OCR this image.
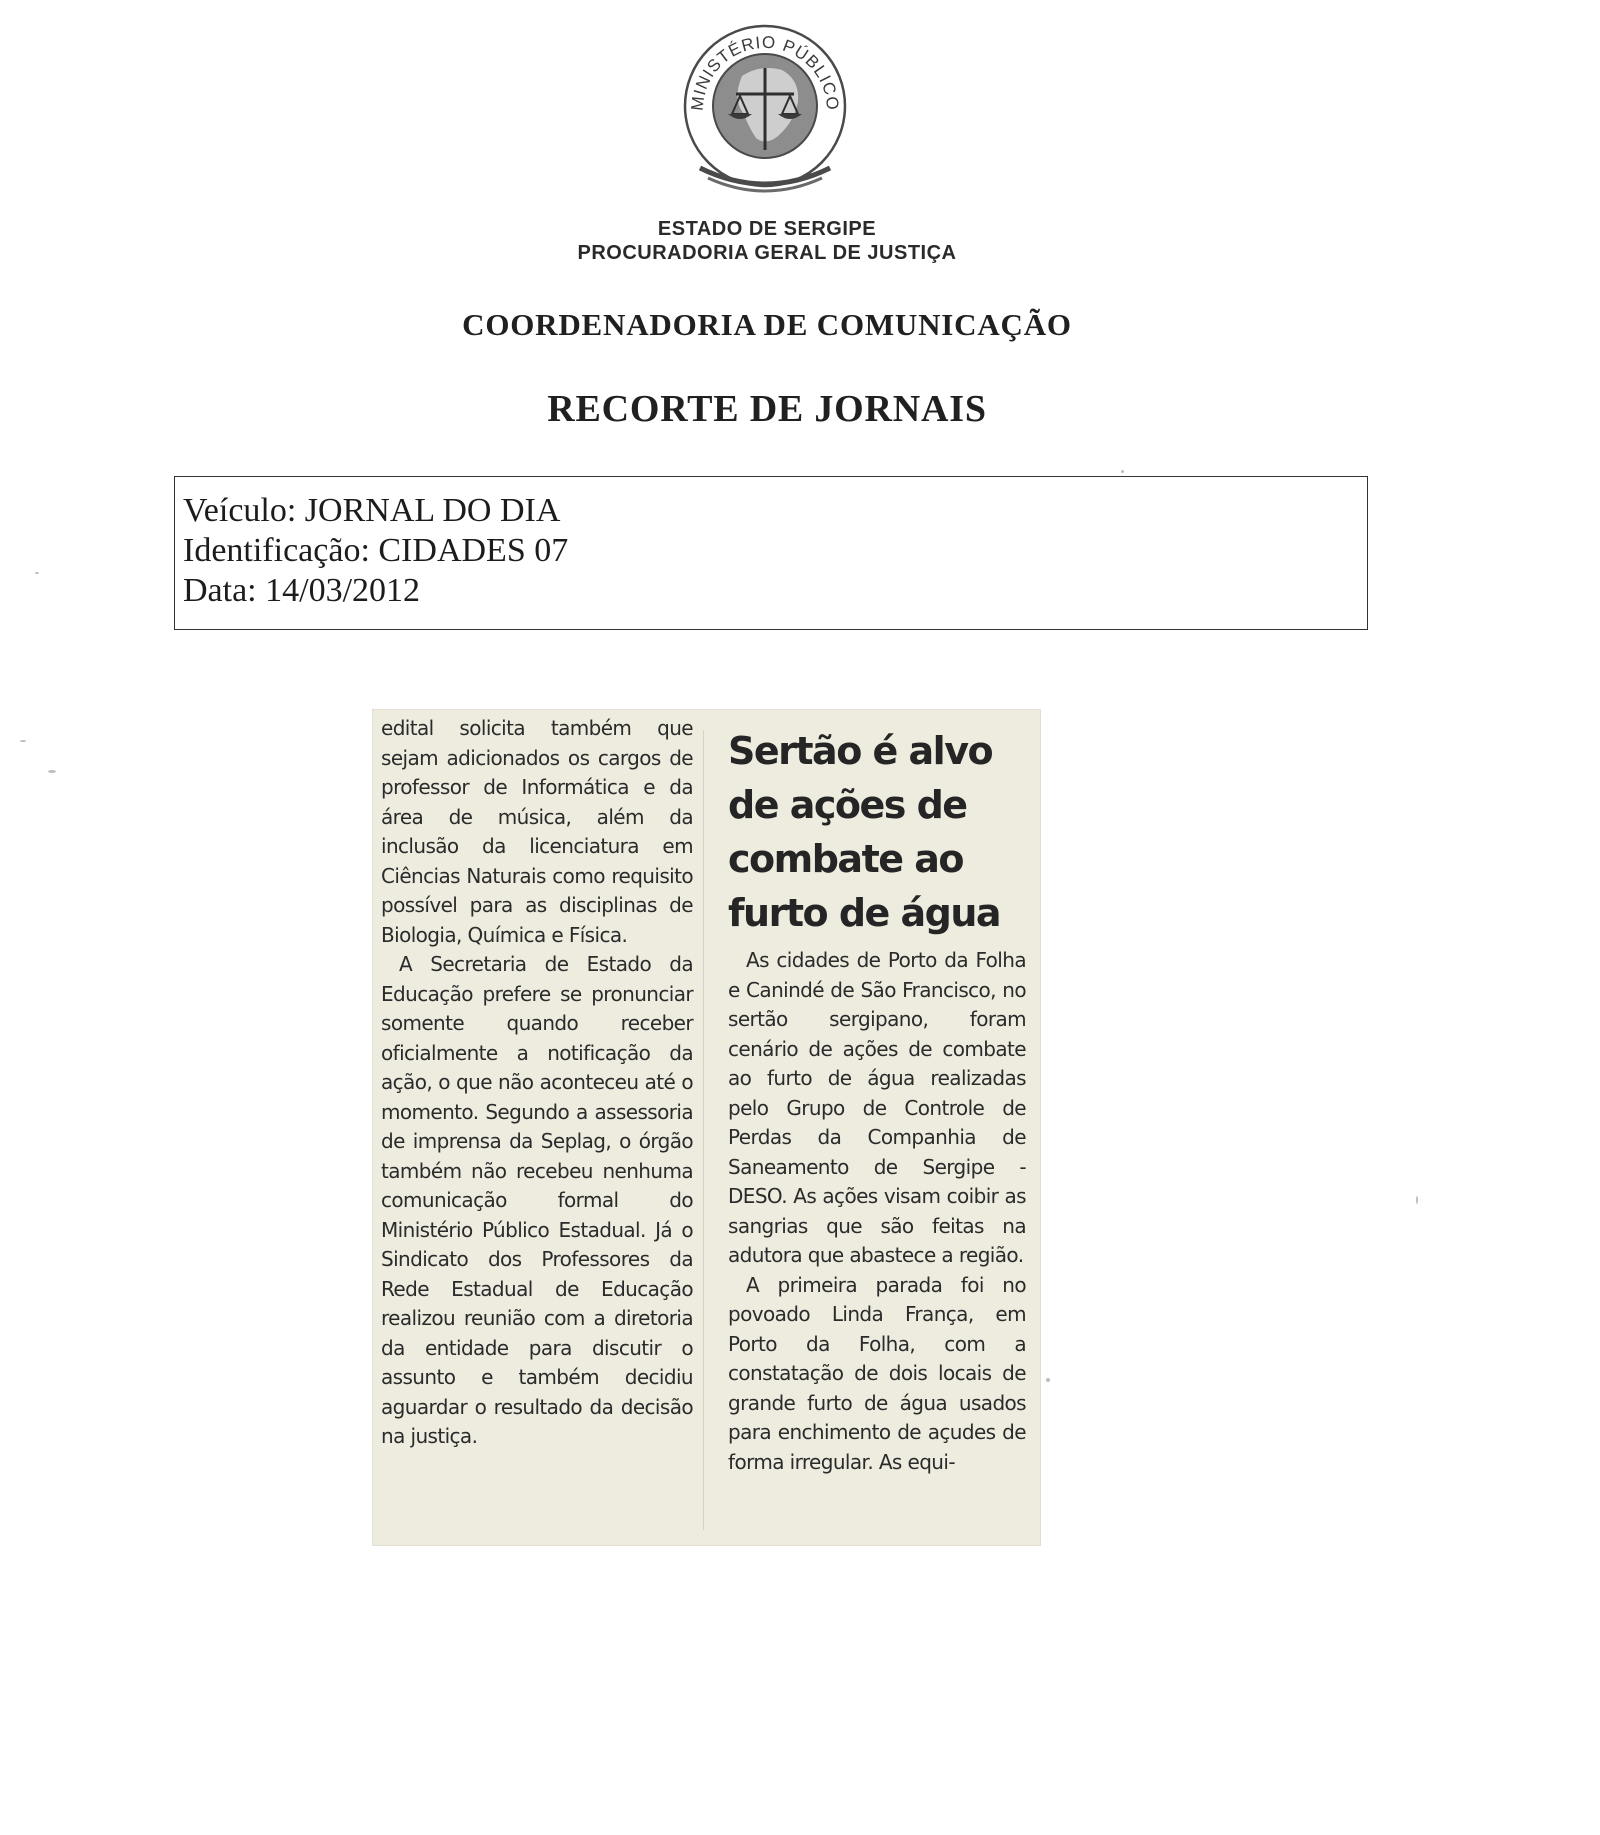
MINISTÉRIO PÚBLICO
ESTADO DE SERGIPE
PROCURADORIA GERAL DE JUSTIÇA
COORDENADORIA DE COMUNICAÇÃO
RECORTE DE JORNAIS
Veículo: JORNAL DO DIA
Identificação: CIDADES 07
Data: 14/03/2012

edital solicita também que sejam adicionados os cargos de professor de Informática e da área de música, além da inclusão da licenciatura em Ciências Naturais como requisito possível para as disciplinas de Biologia, Química e Física.

A Secretaria de Estado da Educação prefere se pronunciar somente quando receber oficialmente a notificação da ação, o que não aconteceu até o momento. Segundo a assessoria de imprensa da Seplag, o órgão também não recebeu nenhuma comunicação formal do Ministério Público Estadual. Já o Sindicato dos Professores da Rede Estadual de Educação realizou reunião com a diretoria da entidade para discutir o assunto e também decidiu aguardar o resultado da decisão na justiça.

Sertão é alvo
de ações de
combate ao
furto de água

As cidades de Porto da Folha e Canindé de São Francisco, no sertão sergipano, foram cenário de ações de combate ao furto de água realizadas pelo Grupo de Controle de Perdas da Companhia de Saneamento de Sergipe - DESO. As ações visam coibir as sangrias que são feitas na adutora que abastece a região.

A primeira parada foi no povoado Linda França, em Porto da Folha, com a constatação de dois locais de grande furto de água usados para enchimento de açudes de forma irregular. As equi-
